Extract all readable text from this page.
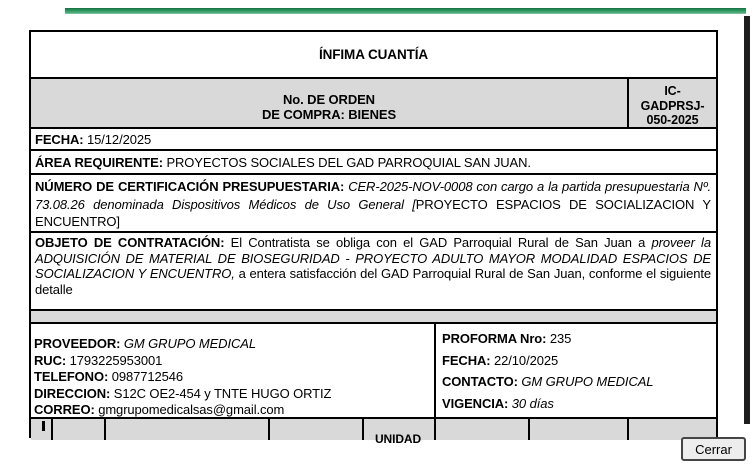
ÍNFIMA CUANTÍA
No. DE ORDEN
DE COMPRA: BIENES
IC-
GADPRSJ-
050-2025
FECHA: 15/12/2025
ÁREA REQUIRENTE: PROYECTOS SOCIALES DEL GAD PARROQUIAL SAN JUAN.
NÚMERO DE CERTIFICACIÓN PRESUPUESTARIA: CER-2025-NOV-0008 con cargo a la partida presupuestaria Nº. 73.08.26 denominada Dispositivos Médicos de Uso General [PROYECTO ESPACIOS DE SOCIALIZACION Y ENCUENTRO]
OBJETO DE CONTRATACIÓN: El Contratista se obliga con el GAD Parroquial Rural de San Juan a proveer la ADQUISICIÓN DE MATERIAL DE BIOSEGURIDAD - PROYECTO ADULTO MAYOR MODALIDAD ESPACIOS DE SOCIALIZACION Y ENCUENTRO, a entera satisfacción del GAD Parroquial Rural de San Juan, conforme el siguiente detalle
PROVEEDOR: GM GRUPO MEDICAL
RUC: 1793225953001
TELEFONO: 0987712546
DIRECCION: S12C OE2-454 y TNTE HUGO ORTIZ
CORREO: gmgrupomedicalsas@gmail.com
PROFORMA Nro: 235
FECHA: 22/10/2025
CONTACTO: GM GRUPO MEDICAL
VIGENCIA: 30 días
UNIDAD
Cerrar
